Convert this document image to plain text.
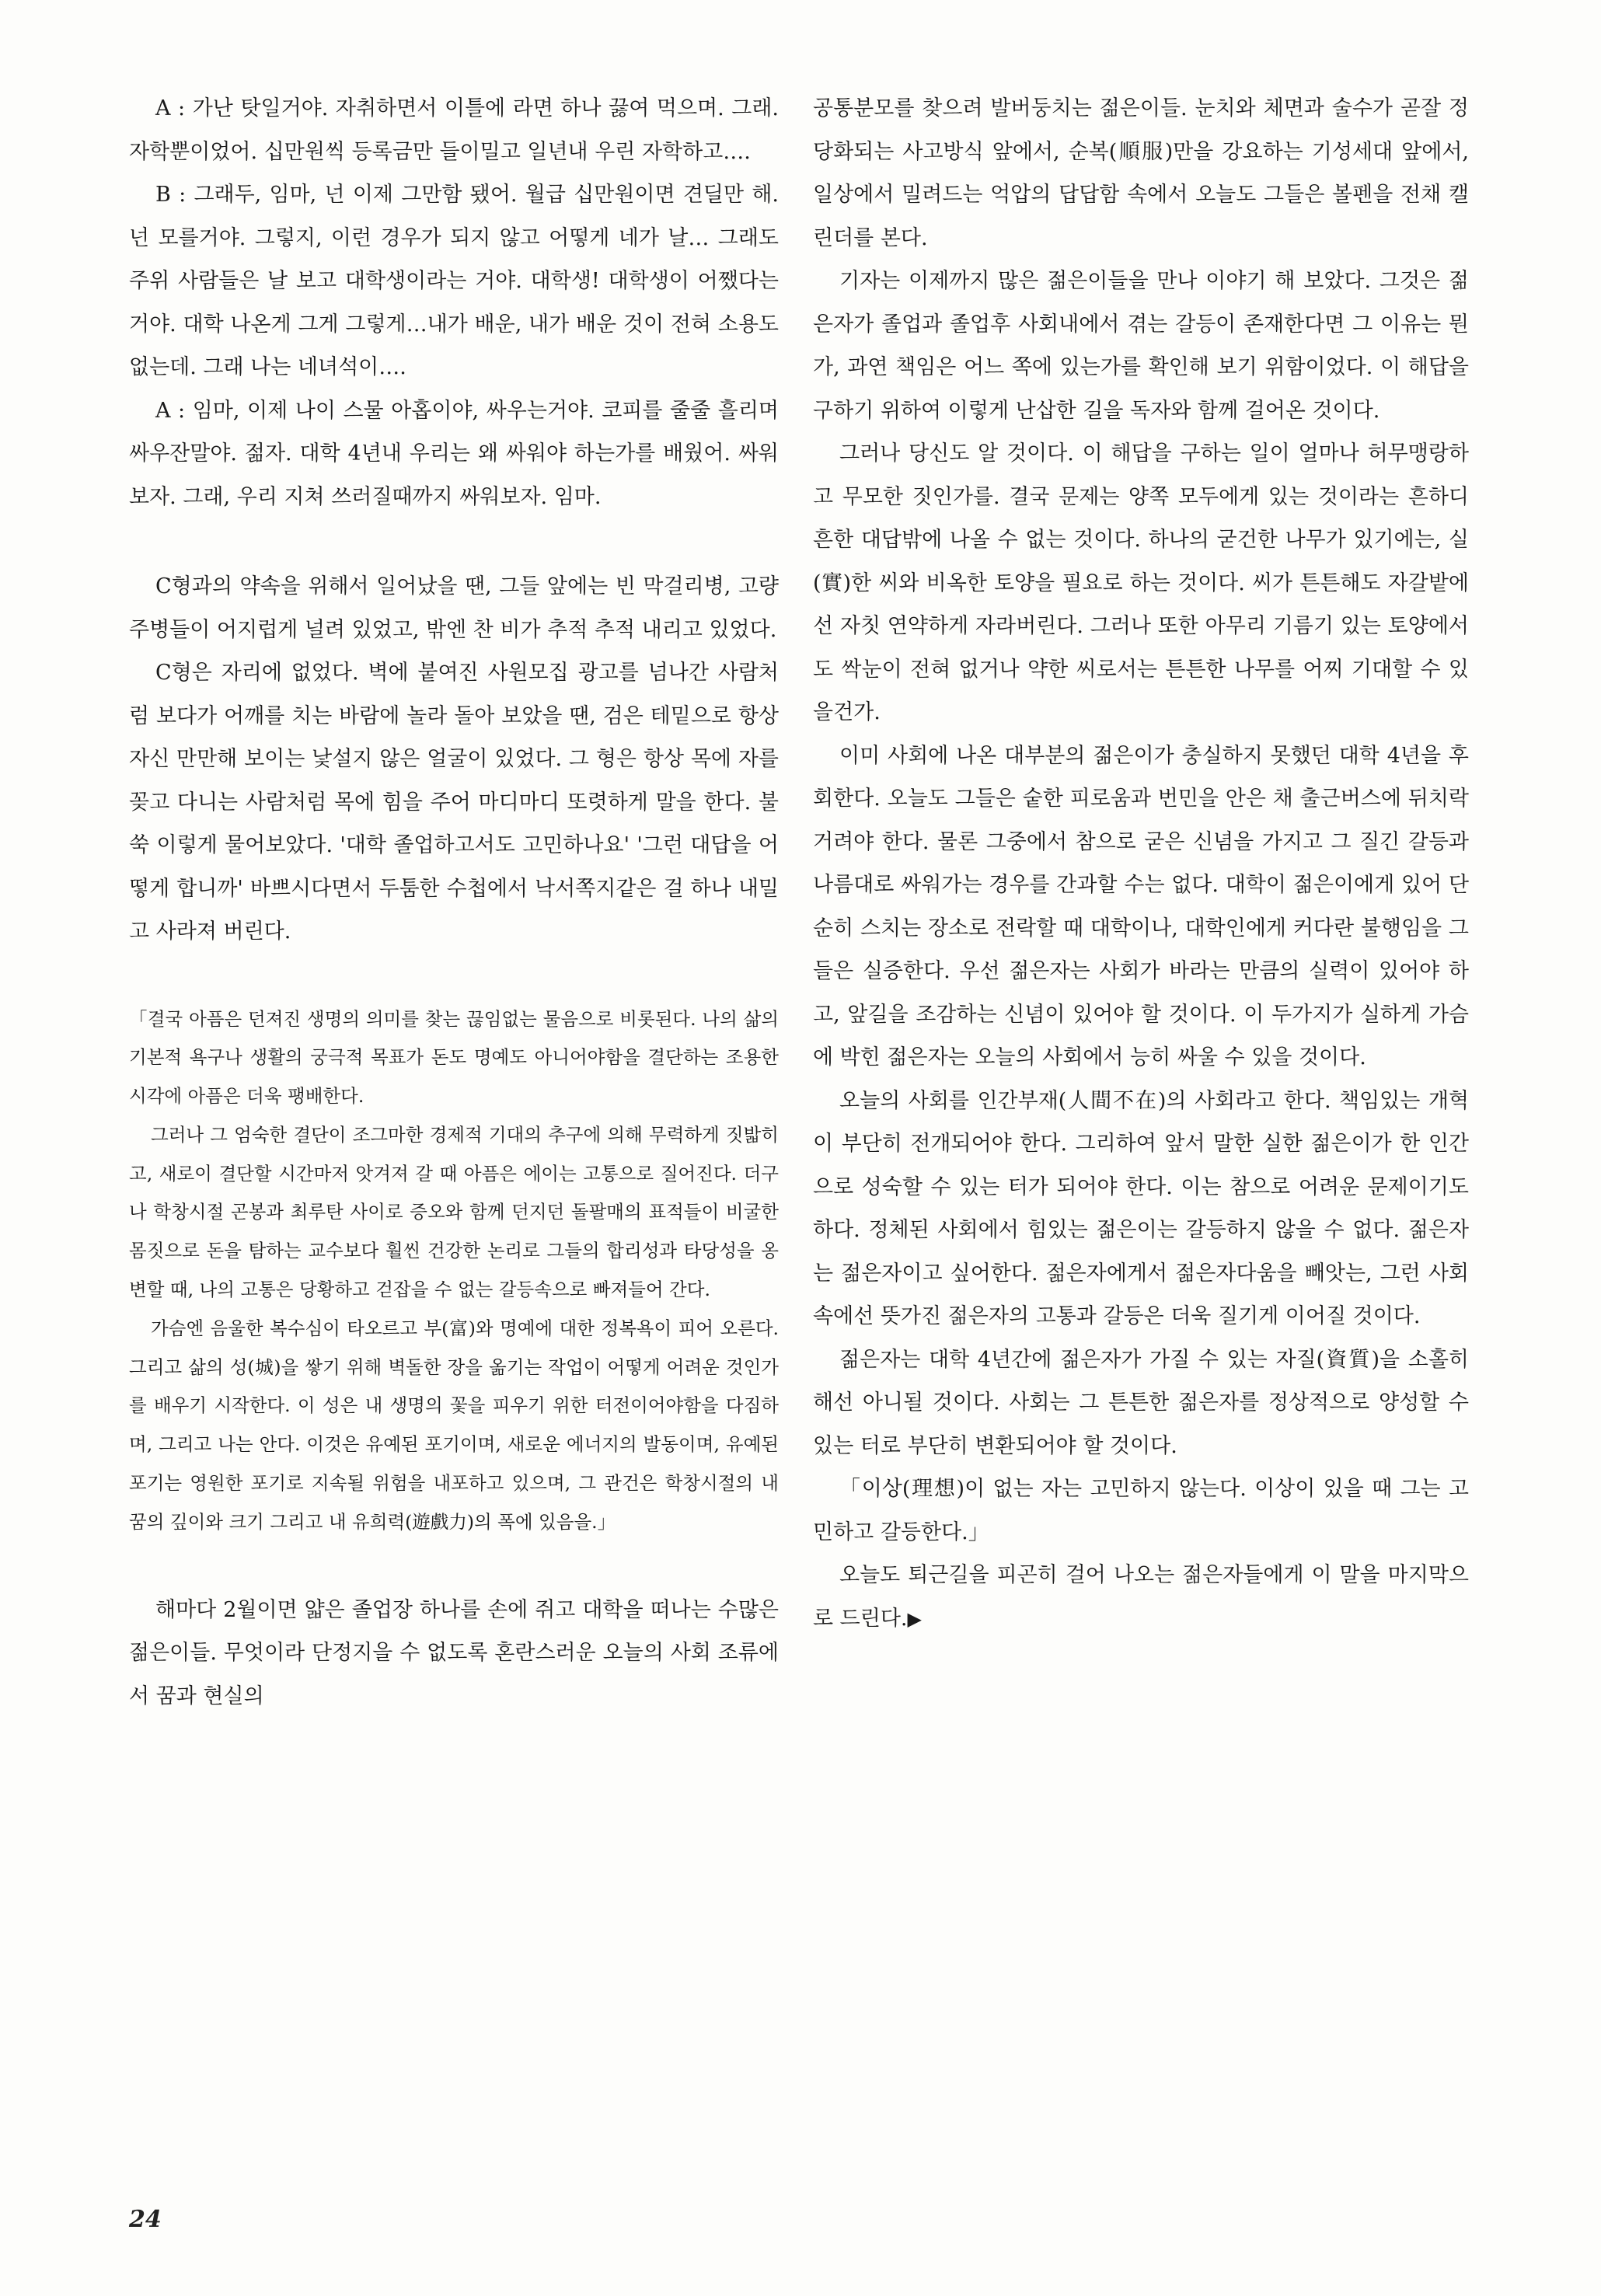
A : 가난 탓일거야. 자취하면서 이틀에 라면 하나 끓여 먹으며. 그래. 자학뿐이었어. 십만원씩 등록금만 들이밀고 일년내 우린 자학하고….

B : 그래두, 임마, 넌 이제 그만함 됐어. 월급 십만원이면 견딜만 해. 넌 모를거야. 그렇지, 이런 경우가 되지 않고 어떻게 네가 날… 그래도 주위 사람들은 날 보고 대학생이라는 거야. 대학생! 대학생이 어쨌다는 거야. 대학 나온게 그게 그렇게…내가 배운, 내가 배운 것이 전혀 소용도 없는데. 그래 나는 네녀석이….

A : 임마, 이제 나이 스물 아홉이야, 싸우는거야. 코피를 줄줄 흘리며 싸우잔말야. 젊자. 대학 4년내 우리는 왜 싸워야 하는가를 배웠어. 싸워보자. 그래, 우리 지쳐 쓰러질때까지 싸워보자. 임마.

C형과의 약속을 위해서 일어났을 땐, 그들 앞에는 빈 막걸리병, 고량주병들이 어지럽게 널려 있었고, 밖엔 찬 비가 추적 추적 내리고 있었다.

C형은 자리에 없었다. 벽에 붙여진 사원모집 광고를 넘나간 사람처럼 보다가 어깨를 치는 바람에 놀라 돌아 보았을 땐, 검은 테밑으로 항상 자신 만만해 보이는 낯설지 않은 얼굴이 있었다. 그 형은 항상 목에 자를 꽂고 다니는 사람처럼 목에 힘을 주어 마디마디 또렷하게 말을 한다. 불쑥 이렇게 물어보았다. '대학 졸업하고서도 고민하나요' '그런 대답을 어떻게 합니까' 바쁘시다면서 두툼한 수첩에서 낙서쪽지같은 걸 하나 내밀고 사라져 버린다.

「결국 아픔은 던져진 생명의 의미를 찾는 끊임없는 물음으로 비롯된다. 나의 삶의 기본적 욕구나 생활의 궁극적 목표가 돈도 명예도 아니어야함을 결단하는 조용한 시각에 아픔은 더욱 팽배한다.

그러나 그 엄숙한 결단이 조그마한 경제적 기대의 추구에 의해 무력하게 짓밟히고, 새로이 결단할 시간마저 앗겨져 갈 때 아픔은 에이는 고통으로 질어진다. 더구나 학창시절 곤봉과 최루탄 사이로 증오와 함께 던지던 돌팔매의 표적들이 비굴한 몸짓으로 돈을 탐하는 교수보다 훨씬 건강한 논리로 그들의 합리성과 타당성을 옹변할 때, 나의 고통은 당황하고 걷잡을 수 없는 갈등속으로 빠져들어 간다.

가슴엔 음울한 복수심이 타오르고 부(富)와 명예에 대한 정복욕이 피어 오른다. 그리고 삶의 성(城)을 쌓기 위해 벽돌한 장을 옮기는 작업이 어떻게 어려운 것인가를 배우기 시작한다. 이 성은 내 생명의 꽃을 피우기 위한 터전이어야함을 다짐하며, 그리고 나는 안다. 이것은 유예된 포기이며, 새로운 에너지의 발동이며, 유예된 포기는 영원한 포기로 지속될 위험을 내포하고 있으며, 그 관건은 학창시절의 내 꿈의 깊이와 크기 그리고 내 유희력(遊戲力)의 폭에 있음을.」

해마다 2월이면 얇은 졸업장 하나를 손에 쥐고 대학을 떠나는 수많은 젊은이들. 무엇이라 단정지을 수 없도록 혼란스러운 오늘의 사회 조류에서 꿈과 현실의

공통분모를 찾으려 발버둥치는 젊은이들. 눈치와 체면과 술수가 곧잘 정당화되는 사고방식 앞에서, 순복(順服)만을 강요하는 기성세대 앞에서, 일상에서 밀려드는 억압의 답답함 속에서 오늘도 그들은 볼펜을 전채 캘린더를 본다.

기자는 이제까지 많은 젊은이들을 만나 이야기 해 보았다. 그것은 젊은자가 졸업과 졸업후 사회내에서 겪는 갈등이 존재한다면 그 이유는 뭔가, 과연 책임은 어느 쪽에 있는가를 확인해 보기 위함이었다. 이 해답을 구하기 위하여 이렇게 난삽한 길을 독자와 함께 걸어온 것이다.

그러나 당신도 알 것이다. 이 해답을 구하는 일이 얼마나 허무맹랑하고 무모한 짓인가를. 결국 문제는 양쪽 모두에게 있는 것이라는 흔하디 흔한 대답밖에 나올 수 없는 것이다. 하나의 굳건한 나무가 있기에는, 실(實)한 씨와 비옥한 토양을 필요로 하는 것이다. 씨가 튼튼해도 자갈밭에선 자칫 연약하게 자라버린다. 그러나 또한 아무리 기름기 있는 토양에서도 싹눈이 전혀 없거나 약한 씨로서는 튼튼한 나무를 어찌 기대할 수 있을건가.

이미 사회에 나온 대부분의 젊은이가 충실하지 못했던 대학 4년을 후회한다. 오늘도 그들은 숱한 피로움과 번민을 안은 채 출근버스에 뒤치락거려야 한다. 물론 그중에서 참으로 굳은 신념을 가지고 그 질긴 갈등과 나름대로 싸워가는 경우를 간과할 수는 없다. 대학이 젊은이에게 있어 단순히 스치는 장소로 전락할 때 대학이나, 대학인에게 커다란 불행임을 그들은 실증한다. 우선 젊은자는 사회가 바라는 만큼의 실력이 있어야 하고, 앞길을 조감하는 신념이 있어야 할 것이다. 이 두가지가 실하게 가슴에 박힌 젊은자는 오늘의 사회에서 능히 싸울 수 있을 것이다.

오늘의 사회를 인간부재(人間不在)의 사회라고 한다. 책임있는 개혁이 부단히 전개되어야 한다. 그리하여 앞서 말한 실한 젊은이가 한 인간으로 성숙할 수 있는 터가 되어야 한다. 이는 참으로 어려운 문제이기도 하다. 정체된 사회에서 힘있는 젊은이는 갈등하지 않을 수 없다. 젊은자는 젊은자이고 싶어한다. 젊은자에게서 젊은자다움을 빼앗는, 그런 사회 속에선 뜻가진 젊은자의 고통과 갈등은 더욱 질기게 이어질 것이다.

젊은자는 대학 4년간에 젊은자가 가질 수 있는 자질(資質)을 소홀히 해선 아니될 것이다. 사회는 그 튼튼한 젊은자를 정상적으로 양성할 수 있는 터로 부단히 변환되어야 할 것이다.

「이상(理想)이 없는 자는 고민하지 않는다. 이상이 있을 때 그는 고민하고 갈등한다.」

오늘도 퇴근길을 피곤히 걸어 나오는 젊은자들에게 이 말을 마지막으로 드린다.▶

24
